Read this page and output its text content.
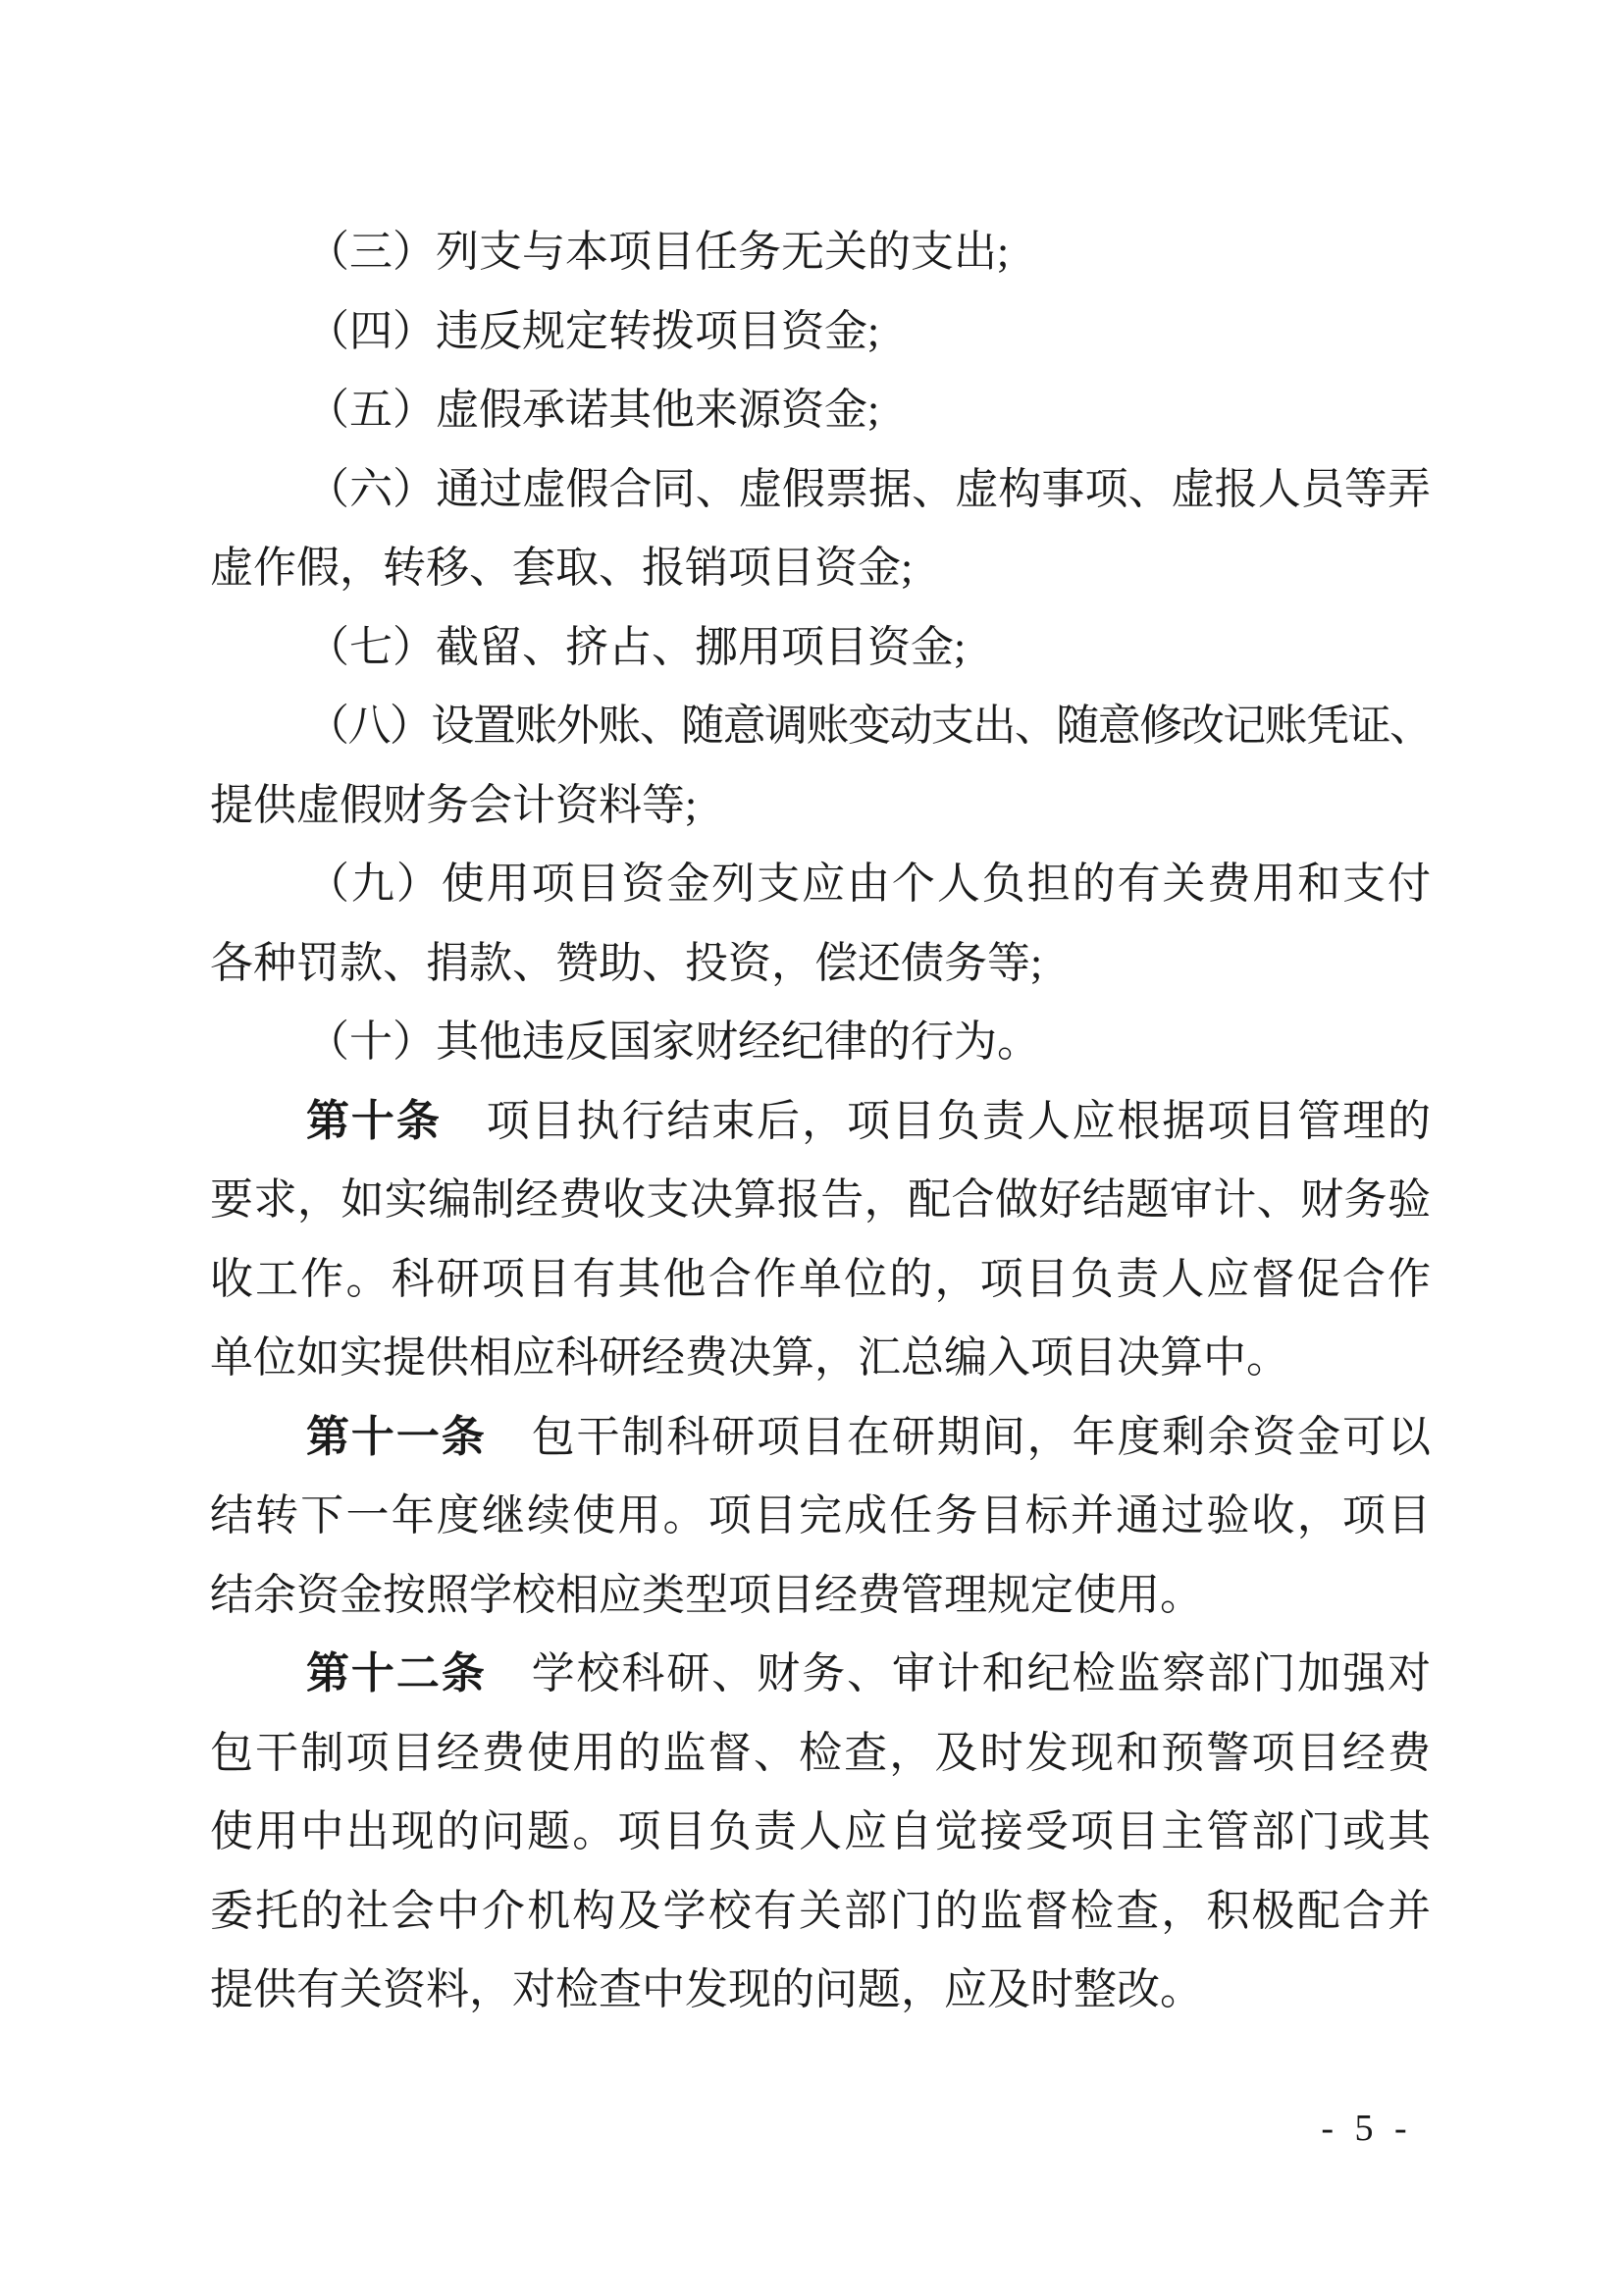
（三）列支与本项目任务无关的支出;
（四）违反规定转拨项目资金;
（五）虚假承诺其他来源资金;
（六）通过虚假合同、虚假票据、虚构事项、虚报人员等弄
虚作假，转移、套取、报销项目资金;
（七）截留、挤占、挪用项目资金;
（八）设置账外账、随意调账变动支出、随意修改记账凭证、
提供虚假财务会计资料等;
（九）使用项目资金列支应由个人负担的有关费用和支付
各种罚款、捐款、赞助、投资，偿还债务等;
（十）其他违反国家财经纪律的行为。
第十条　项目执行结束后，项目负责人应根据项目管理的
要求，如实编制经费收支决算报告，配合做好结题审计、财务验
收工作。科研项目有其他合作单位的，项目负责人应督促合作
单位如实提供相应科研经费决算，汇总编入项目决算中。
第十一条　包干制科研项目在研期间，年度剩余资金可以
结转下一年度继续使用。项目完成任务目标并通过验收，项目
结余资金按照学校相应类型项目经费管理规定使用。
第十二条　学校科研、财务、审计和纪检监察部门加强对
包干制项目经费使用的监督、检查，及时发现和预警项目经费
使用中出现的问题。项目负责人应自觉接受项目主管部门或其
委托的社会中介机构及学校有关部门的监督检查，积极配合并
提供有关资料，对检查中发现的问题，应及时整改。
- 5 -
